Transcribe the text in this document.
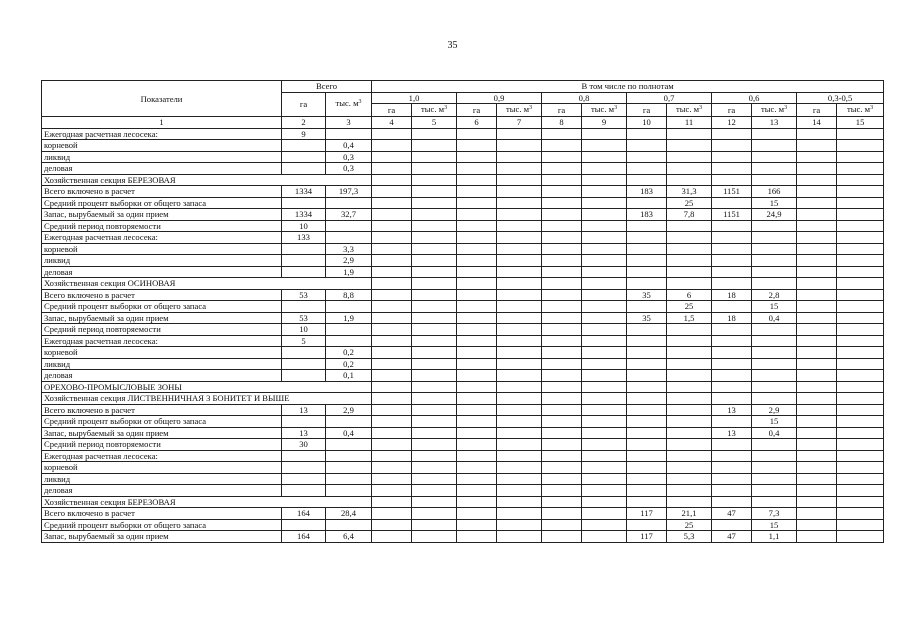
35
Показатели	Всего		В том числе по полнотам											
	га	тыс. $м^3$	1,0		0,9		0,8		0,7		0,6		0,3-0,5	
			га	тыс. $м^3$	га	тыс. $м^3$	га	тыс. $м^3$	га	тыс. $м^3$	га	тыс. $м^3$	га	тыс. $м^3$
1	2	3	4	5	6	7	8	9	10	11	12	13	14	15
Ежегодная расчетная лесосека:	9													
корневой		0,4												
ликвид		0,3												
деловая		0,3												
Хозяйственная секция БЕРЕЗОВАЯ														
Всего включено в расчет	1334	197,3							183	31,3	1151	166		
Средний процент выборки от общего запаса										25		15		
Запас, вырубаемый за один прием	1334	32,7							183	7,8	1151	24,9		
Средний период повторяемости	10													
Ежегодная расчетная лесосека:	133													
корневой		3,3												
ликвид		2,9												
деловая		1,9												
Хозяйственная секция ОСИНОВАЯ														
Всего включено в расчет	53	8,8							35	6	18	2,8		
Средний процент выборки от общего запаса										25		15		
Запас, вырубаемый за один прием	53	1,9							35	1,5	18	0,4		
Средний период повторяемости	10													
Ежегодная расчетная лесосека:	5													
корневой		0,2												
ликвид		0,2												
деловая		0,1												
ОРЕХОВО-ПРОМЫСЛОВЫЕ ЗОНЫ														
Хозяйственная секция ЛИСТВЕННИЧНАЯ 3 БОНИТЕТ И ВЫШЕ														
Всего включено в расчет	13	2,9									13	2,9		
Средний процент выборки от общего запаса												15		
Запас, вырубаемый за один прием	13	0,4									13	0,4		
Средний период повторяемости	30													
Ежегодная расчетная лесосека:														
корневой														
ликвид														
деловая														
Хозяйственная секция БЕРЕЗОВАЯ														
Всего включено в расчет	164	28,4							117	21,1	47	7,3		
Средний процент выборки от общего запаса										25		15		
Запас, вырубаемый за один прием	164	6,4							117	5,3	47	1,1		
